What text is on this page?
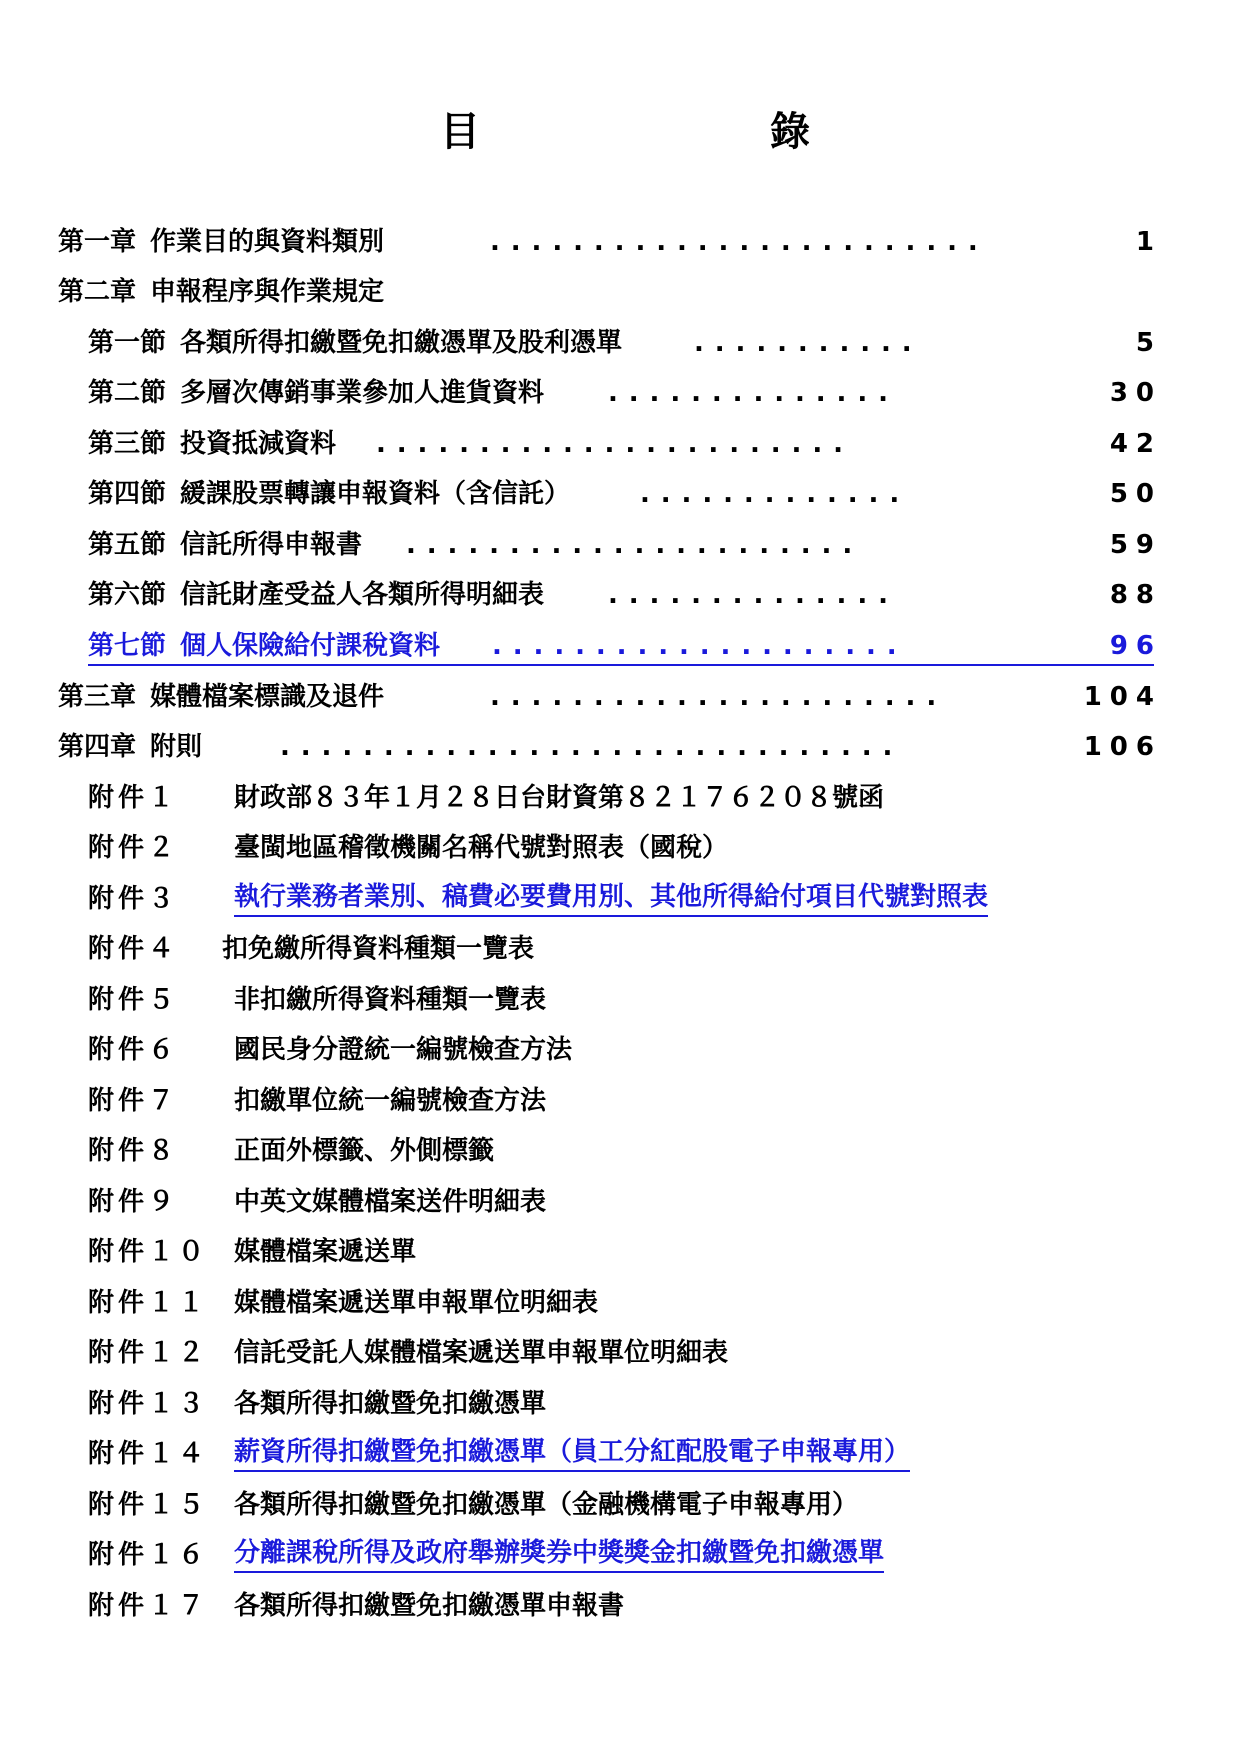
目	錄
第一章 作業目的與資料類別	........................	1
第二章 申報程序與作業規定
第一節 各類所得扣繳暨免扣繳憑單及股利憑單	...........	5
第二節 多層次傳銷事業參加人進貨資料 ..............	30
第三節 投資抵減資料 .......................	42
第四節 緩課股票轉讓申報資料（含信託）	.............	50
第五節 信託所得申報書 ......................	59
第六節 信託財產受益人各類所得明細表 ..............	88
第七節 個人保險給付課稅資料 ....................	96
第三章 媒體檔案標識及退件	......................	104
第四章 附則	..............................	106
附件１ 財政部８３年１月２８日台財資第８２１７６２０８號函
附件２ 臺閩地區稽徵機關名稱代號對照表（國稅）
附件３ 執行業務者業別、稿費必要費用別、其他所得給付項目代號對照表
附件４ 扣免繳所得資料種類一覽表
附件５ 非扣繳所得資料種類一覽表
附件６ 國民身分證統一編號檢查方法
附件７ 扣繳單位統一編號檢查方法
附件８ 正面外標籤、外側標籤
附件９ 中英文媒體檔案送件明細表
附件１０ 媒體檔案遞送單
附件１１ 媒體檔案遞送單申報單位明細表
附件１２ 信託受託人媒體檔案遞送單申報單位明細表
附件１３ 各類所得扣繳暨免扣繳憑單
附件１４ 薪資所得扣繳暨免扣繳憑單（員工分紅配股電子申報專用）
附件１５ 各類所得扣繳暨免扣繳憑單（金融機構電子申報專用）
附件１６ 分離課稅所得及政府舉辦獎券中獎獎金扣繳暨免扣繳憑單
附件１７ 各類所得扣繳暨免扣繳憑單申報書
